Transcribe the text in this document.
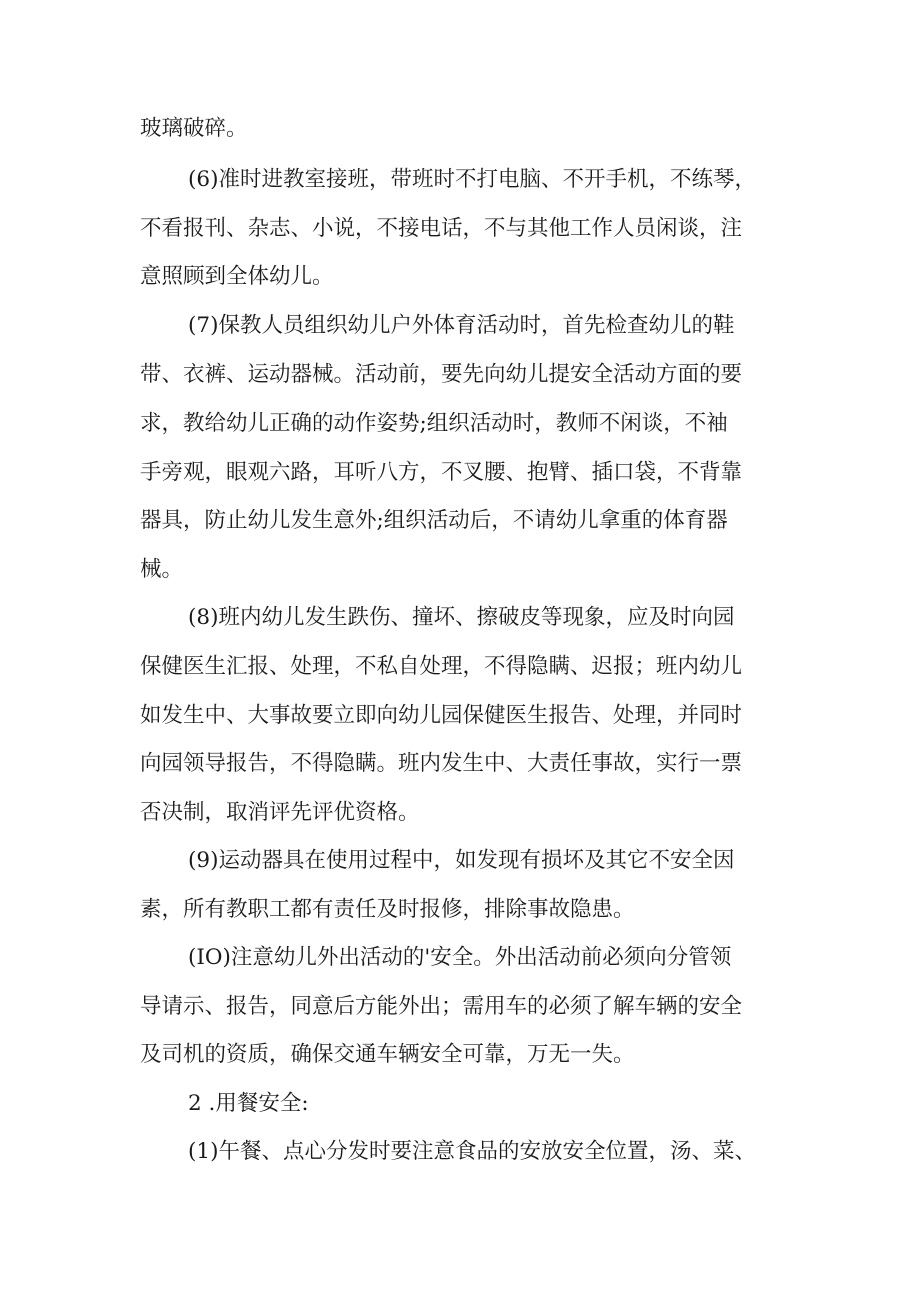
玻璃破碎。
(6)准时进教室接班，带班时不打电脑、不开手机，不练琴，
不看报刊、杂志、小说，不接电话，不与其他工作人员闲谈，注
意照顾到全体幼儿。
(7)保教人员组织幼儿户外体育活动时，首先检查幼儿的鞋
带、衣裤、运动器械。活动前，要先向幼儿提安全活动方面的要
求，教给幼儿正确的动作姿势;组织活动时，教师不闲谈，不袖
手旁观，眼观六路，耳听八方，不叉腰、抱臂、插口袋，不背靠
器具，防止幼儿发生意外;组织活动后，不请幼儿拿重的体育器
械。
(8)班内幼儿发生跌伤、撞坏、擦破皮等现象，应及时向园
保健医生汇报、处理，不私自处理，不得隐瞒、迟报；班内幼儿
如发生中、大事故要立即向幼儿园保健医生报告、处理，并同时
向园领导报告，不得隐瞒。班内发生中、大责任事故，实行一票
否决制，取消评先评优资格。
(9)运动器具在使用过程中，如发现有损坏及其它不安全因
素，所有教职工都有责任及时报修，排除事故隐患。
(IO)注意幼儿外出活动的'安全。外出活动前必须向分管领
导请示、报告，同意后方能外出；需用车的必须了解车辆的安全
及司机的资质，确保交通车辆安全可靠，万无一失。
2 .用餐安全:
(1)午餐、点心分发时要注意食品的安放安全位置，汤、菜、
